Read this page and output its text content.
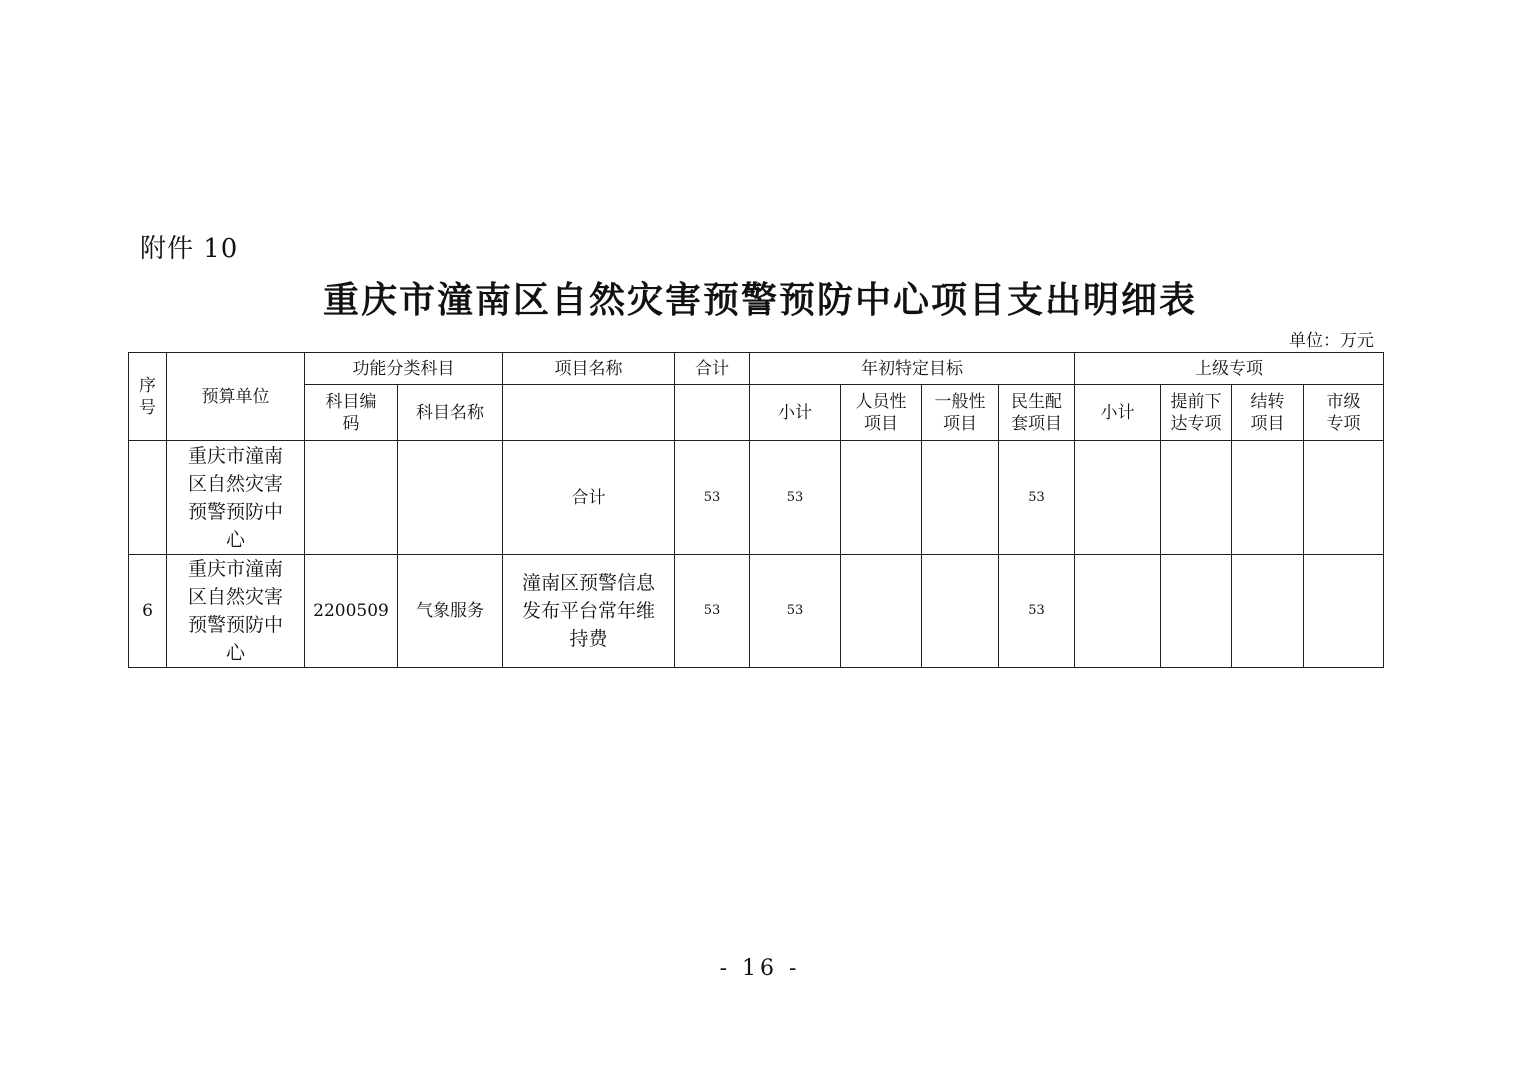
附件 10
重庆市潼南区自然灾害预警预防中心项目支出明细表
单位：万元
序号	预算单位	功能分类科目		项目名称	合计	年初特定目标				上级专项			
		科目编码	科目名称			小计	人员性项目	一般性项目	民生配套项目	小计	提前下达专项	结转项目	市级专项
	重庆市潼南区自然灾害预警预防中心			合计	53	53			53				
6	重庆市潼南区自然灾害预警预防中心	2200509	气象服务	潼南区预警信息发布平台常年维持费	53	53			53				
- 16 -
